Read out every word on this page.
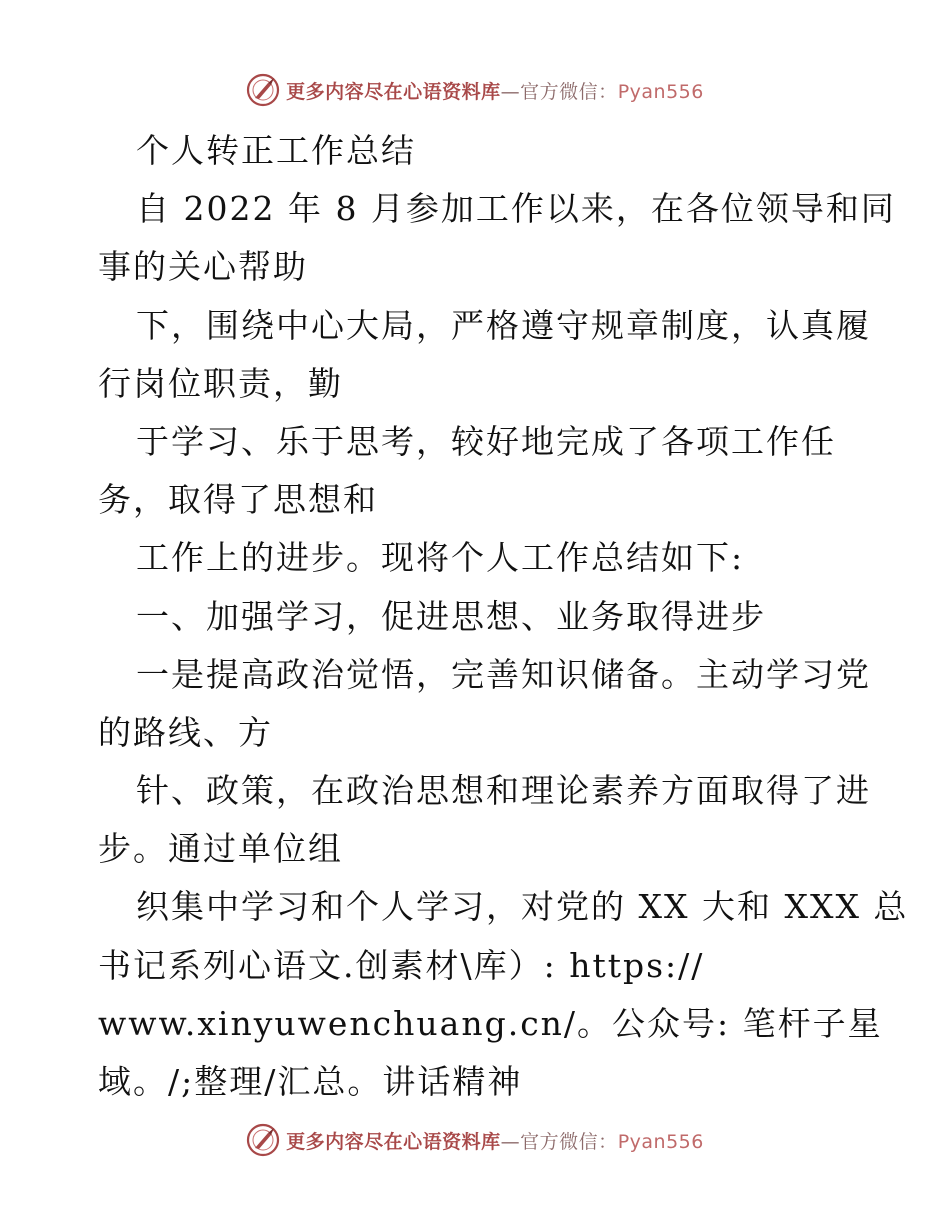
更多内容尽在心语资料库—官方微信：Pyan556
个人转正工作总结
自 2022 年 8 月参加工作以来，在各位领导和同
事的关心帮助
下，围绕中心大局，严格遵守规章制度，认真履
行岗位职责，勤
于学习、乐于思考，较好地完成了各项工作任
务，取得了思想和
工作上的进步。现将个人工作总结如下:
一、加强学习，促进思想、业务取得进步
一是提高政治觉悟，完善知识储备。主动学习党
的路线、方
针、政策，在政治思想和理论素养方面取得了进
步。通过单位组
织集中学习和个人学习，对党的 XX 大和 XXX 总
书记系列心语文.创素材\库）: https://
www.xinyuwenchuang.cn/。公众号: 笔杆子星
域。/;整理/汇总。讲话精神
更多内容尽在心语资料库—官方微信：Pyan556
